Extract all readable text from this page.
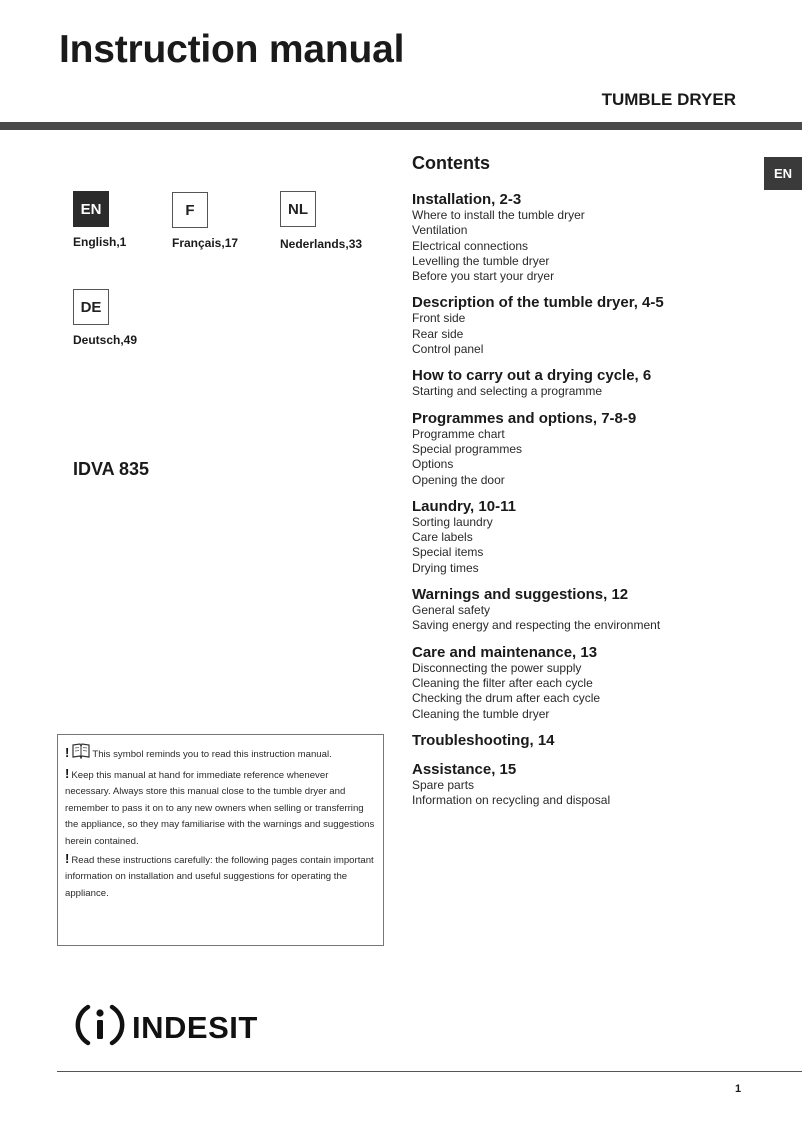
Instruction manual
TUMBLE DRYER
EN
EN
English,1
F
Français,17
NL
Nederlands,33
DE
Deutsch,49
IDVA 835
Contents
Installation, 2-3
Where to install the tumble dryer
Ventilation
Electrical connections
Levelling the tumble dryer
Before you start your dryer
Description of the tumble dryer, 4-5
Front side
Rear side
Control panel
How to carry out a drying cycle, 6
Starting and selecting a programme
Programmes and options, 7-8-9
Programme chart
Special programmes
Options
Opening the door
Laundry, 10-11
Sorting laundry
Care labels
Special items
Drying times
Warnings and suggestions, 12
General safety
Saving energy and respecting the environment
Care and maintenance, 13
Disconnecting the power supply
Cleaning the filter after each cycle
Checking the drum after each cycle
Cleaning the tumble dryer
Troubleshooting, 14
Assistance, 15
Spare parts
Information on recycling and disposal

! This symbol reminds you to read this instruction manual.

! Keep this manual at hand for immediate reference whenever necessary. Always store this manual close to the tumble dryer and remember to pass it on to any new owners when selling or transferring the appliance, so they may familiarise with the warnings and suggestions herein contained.

! Read these instructions carefully: the following pages contain important information on installation and useful suggestions for operating the appliance.

INDESIT
1
